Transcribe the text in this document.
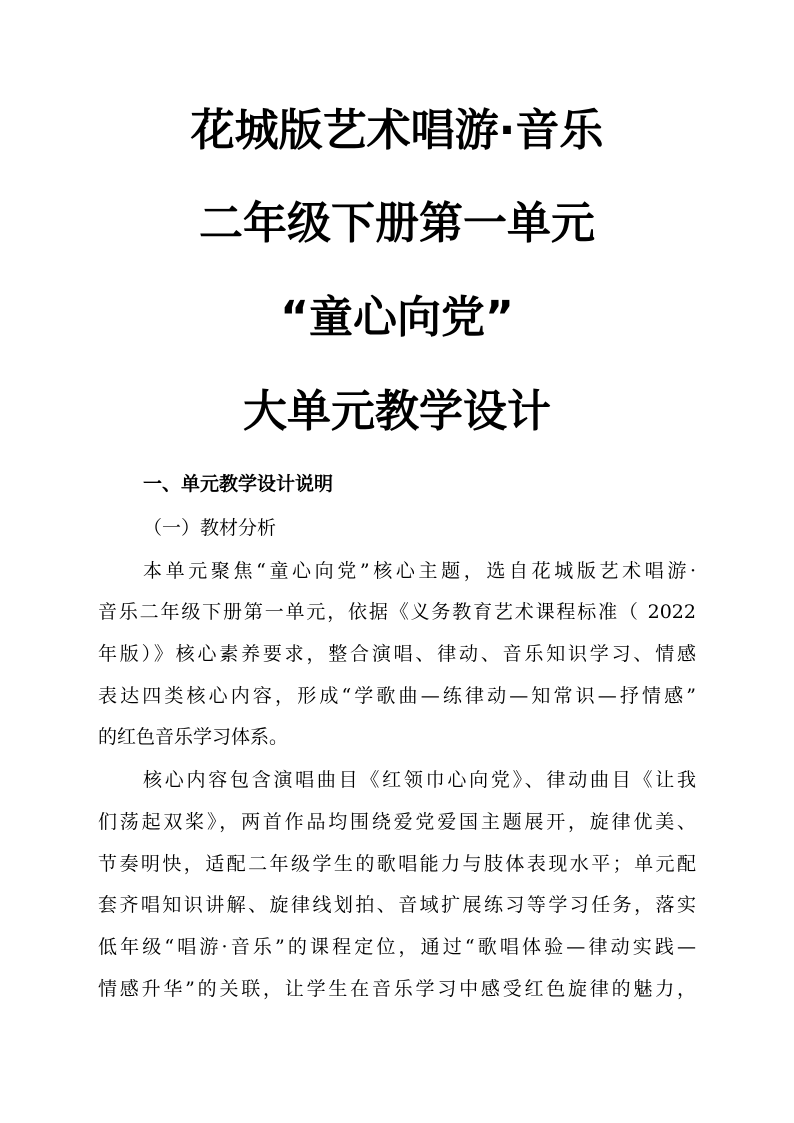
花城版艺术唱游·音乐
二年级下册第一单元
“童心向党”
大单元教学设计
一、单元教学设计说明
（一）教材分析
本单元聚焦“童心向党”核心主题，选自花城版艺术唱游·
音乐二年级下册第一单元，依据《义务教育艺术课程标准（ 2022
年版）》核心素养要求，整合演唱、律动、音乐知识学习、情感
表达四类核心内容，形成“学歌曲—练律动—知常识—抒情感”
的红色音乐学习体系。
核心内容包含演唱曲目《红领巾心向党》、律动曲目《让我
们荡起双桨》，两首作品均围绕爱党爱国主题展开，旋律优美、
节奏明快，适配二年级学生的歌唱能力与肢体表现水平；单元配
套齐唱知识讲解、旋律线划拍、音域扩展练习等学习任务，落实
低年级“唱游·音乐”的课程定位，通过“歌唱体验—律动实践—
情感升华”的关联，让学生在音乐学习中感受红色旋律的魅力，
